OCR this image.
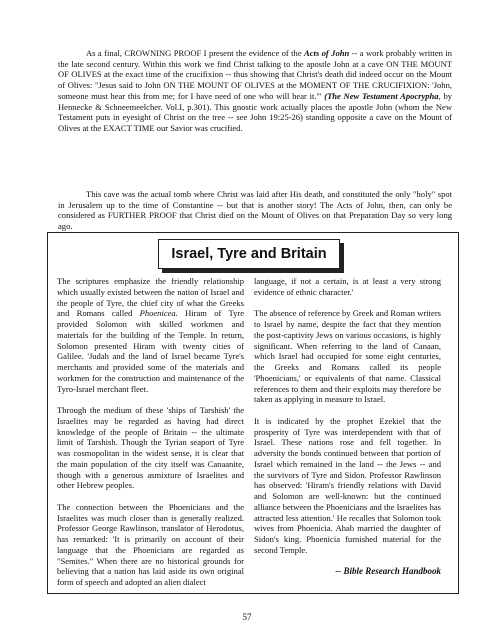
As a final, CROWNING PROOF I present the evidence of the Acts of John -- a work probably written in the late second century. Within this work we find Christ talking to the apostle John at a cave ON THE MOUNT OF OLIVES at the exact time of the crucifixion -- thus showing that Christ's death did indeed occur on the Mount of Olives: "Jesus said to John ON THE MOUNT OF OLIVES at the MOMENT OF THE CRUCIFIXION: 'John, someone must hear this from me; for I have need of one who will hear it.'" (The New Testament Apocrypha, by Hennecke & Schneemeelcher. Vol.I, p.301). This gnostic work actually places the apostle John (whom the New Testament puts in eyesight of Christ on the tree -- see John 19:25-26) standing opposite a cave on the Mount of Olives at the EXACT TIME our Savior was crucified.

This cave was the actual tomb where Christ was laid after His death, and constituted the only "holy" spot in Jerusalem up to the time of Constantine -- but that is another story! The Acts of John, then, can only be considered as FURTHER PROOF that Christ died on the Mount of Olives on that Preparation Day so very long ago.

Israel, Tyre and Britain

The scriptures emphasize the friendly relationship which usually existed between the nation of Israel and the people of Tyre, the chief city of what the Greeks and Romans called Phoenicea. Hiram of Tyre provided Solomon with skilled workmen and materials for the building of the Temple. In return, Solomon presented Hiram with twenty cities of Galilee. 'Judah and the land of Israel became Tyre's merchants and provided some of the materials and workmen for the construction and maintenance of the Tyro-Israel merchant fleet.

Through the medium of these 'ships of Tarshish' the Israelites may be regarded as having had direct knowledge of the people of Britain -- the ultimate limit of Tarshish. Though the Tyrian seaport of Tyre was cosmopolitan in the widest sense, it is clear that the main population of the city itself was Canaanite, though with a generous asmixture of Israelites and other Hebrew peoples.

The connection between the Phoenicians and the Israelites was much closer than is generally realized. Professor George Rawlinson, translator of Herodotus, has remarked: 'It is primarily on account of their language that the Phoenicians are regarded as "Semites." When there are no historical grounds for believing that a nation has laid aside its own original form of speech and adopted an alien dialect

language, if not a certain, is at least a very strong evidence of ethnic character.'

The absence of reference by Greek and Roman writers to Israel by name, despite the fact that they mention the post-captivity Jews on various occasions, is highly significant. When referring to the land of Canaan, which Israel had occupied for some eight centuries, the Greeks and Romans called its people 'Phoenicians,' or equivalents of that name. Classical references to them and their exploits may therefore be taken as applying in measure to Israel.

It is indicated by the prophet Ezekiel that the prosperity of Tyre was interdependent with that of Israel. These nations rose and fell together. In adversity the bonds continued between that portion of Israel which remained in the land -- the Jews -- and the survivors of Tyre and Sidon. Professor Rawlinson has observed: 'Hiram's friendly relations with David and Solomon are well-known: but the continued alliance between the Phoenicians and the Israelites has attracted less attention.' He recalles that Solomon took wives from Phoenicia. Ahab married the daughter of Sidon's king. Phoenicia furnished material for the second Temple.

-- Bible Research Handbook
57
